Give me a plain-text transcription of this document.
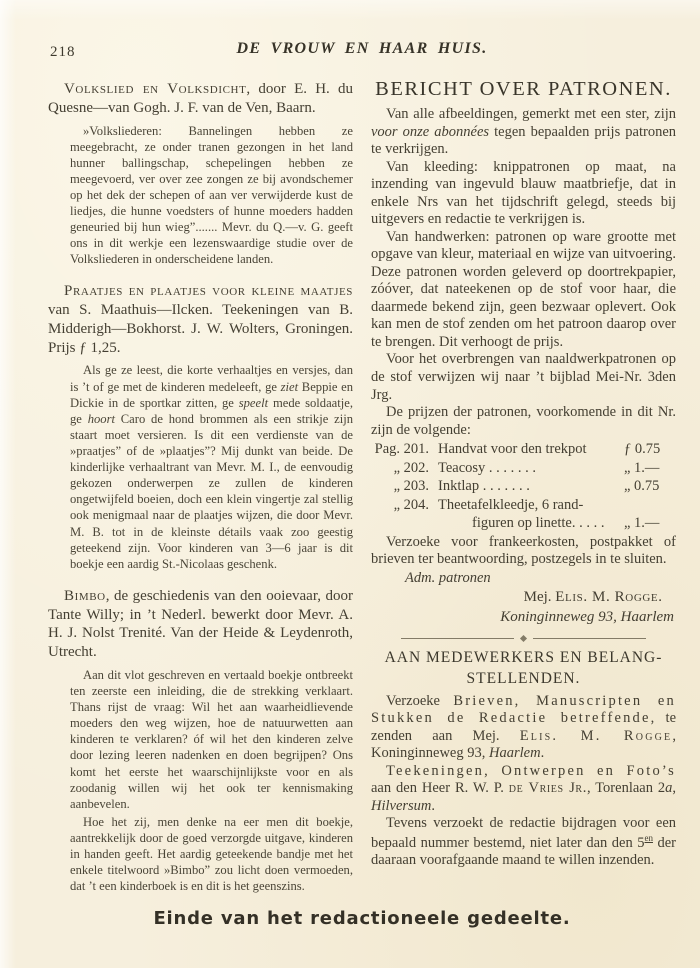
218	DE VROUW EN HAAR HUIS.

Volkslied en Volksdicht, door E. H. du Quesne—van Gogh. J. F. van de Ven, Baarn.

»Volksliederen: Bannelingen hebben ze meegebracht, ze onder tranen gezongen in het land hunner ballingschap, schepelingen hebben ze meegevoerd, ver over zee zongen ze bij avondschemer op het dek der schepen of aan ver verwijderde kust de liedjes, die hunne voedsters of hunne moeders hadden geneuried bij hun wieg”....... Mevr. du Q.—v. G. geeft ons in dit werkje een lezenswaardige studie over de Volksliederen in onderscheidene landen.

Praatjes en plaatjes voor kleine maatjes van S. Maathuis—Ilcken. Teekeningen van B. Midderigh—Bokhorst. J. W. Wolters, Groningen. Prijs ƒ 1,25.

Als ge ze leest, die korte verhaaltjes en versjes, dan is ’t of ge met de kinderen medeleeft, ge ziet Beppie en Dickie in de sportkar zitten, ge speelt mede soldaatje, ge hoort Caro de hond brommen als een strikje zijn staart moet versieren. Is dit een verdienste van de »praatjes” of de »plaatjes”? Mij dunkt van beide. De kinderlijke verhaaltrant van Mevr. M. I., de eenvoudig gekozen onderwerpen ze zullen de kinderen ongetwijfeld boeien, doch een klein vingertje zal stellig ook menigmaal naar de plaatjes wijzen, die door Mevr. M. B. tot in de kleinste détails vaak zoo geestig geteekend zijn. Voor kinderen van 3—6 jaar is dit boekje een aardig St.-Nicolaas geschenk.

Bimbo, de geschiedenis van den ooievaar, door Tante Willy; in ’t Nederl. bewerkt door Mevr. A. H. J. Nolst Trenité. Van der Heide & Leydenroth, Utrecht.

Aan dit vlot geschreven en vertaald boekje ontbreekt ten zeerste een inleiding, die de strekking verklaart. Thans rijst de vraag: Wil het aan waarheidlievende moeders den weg wijzen, hoe de natuurwetten aan kinderen te verklaren? óf wil het den kinderen zelve door lezing leeren nadenken en doen begrijpen? Ons komt het eerste het waarschijnlijkste voor en als zoodanig willen wij het ook ter kennismaking aanbevelen.

Hoe het zij, men denke na eer men dit boekje, aantrekkelijk door de goed verzorgde uitgave, kinderen in handen geeft. Het aardig geteekende bandje met het enkele titelwoord »Bimbo” zou licht doen vermoeden, dat ’t een kinderboek is en dit is het geenszins.

BERICHT OVER PATRONEN.

Van alle afbeeldingen, gemerkt met een ster, zijn voor onze abonnées tegen bepaalden prijs patronen te verkrijgen.

Van kleeding: knippatronen op maat, na inzending van ingevuld blauw maatbriefje, dat in enkele Nrs van het tijdschrift gelegd, steeds bij uitgevers en redactie te verkrijgen is.

Van handwerken: patronen op ware grootte met opgave van kleur, materiaal en wijze van uitvoering. Deze patronen worden geleverd op doortrekpapier, zóóver, dat nateekenen op de stof voor haar, die daarmede bekend zijn, geen bezwaar oplevert. Ook kan men de stof zenden om het patroon daarop over te brengen. Dit verhoogt de prijs.

Voor het overbrengen van naaldwerkpatronen op de stof verwijzen wij naar ’t bijblad Mei-Nr. 3den Jrg.

De prijzen der patronen, voorkomende in dit Nr. zijn de volgende:

Pag. 201. Handvat voor den trekpot	ƒ 0.75
„ 202. Teacosy . . . . . . .	„ 1.—
„ 203. Inktlap . . . . . . .	„ 0.75
„ 204. Theetafelkleedje, 6 rand-
figuren op linette. . . . .	„ 1.—

Verzoeke voor frankeerkosten, postpakket of brieven ter beantwoording, postzegels in te sluiten.

Adm. patronen

Mej. Elis. M. Rogge.
Koninginneweg 93, Haarlem
AAN MEDEWERKERS EN BELANG-
STELLENDEN.

Verzoeke Brieven, Manuscripten en Stukken de Redactie betreffende, te zenden aan Mej. Elis. M. Rogge, Koninginneweg 93, Haarlem.

Teekeningen, Ontwerpen en Foto’s aan den Heer R. W. P. de Vries Jr., Torenlaan 2a, Hilversum.

Tevens verzoekt de redactie bijdragen voor een bepaald nummer bestemd, niet later dan den $5^{en}$ der daaraan voorafgaande maand te willen inzenden.

Einde van het redactioneele gedeelte.
